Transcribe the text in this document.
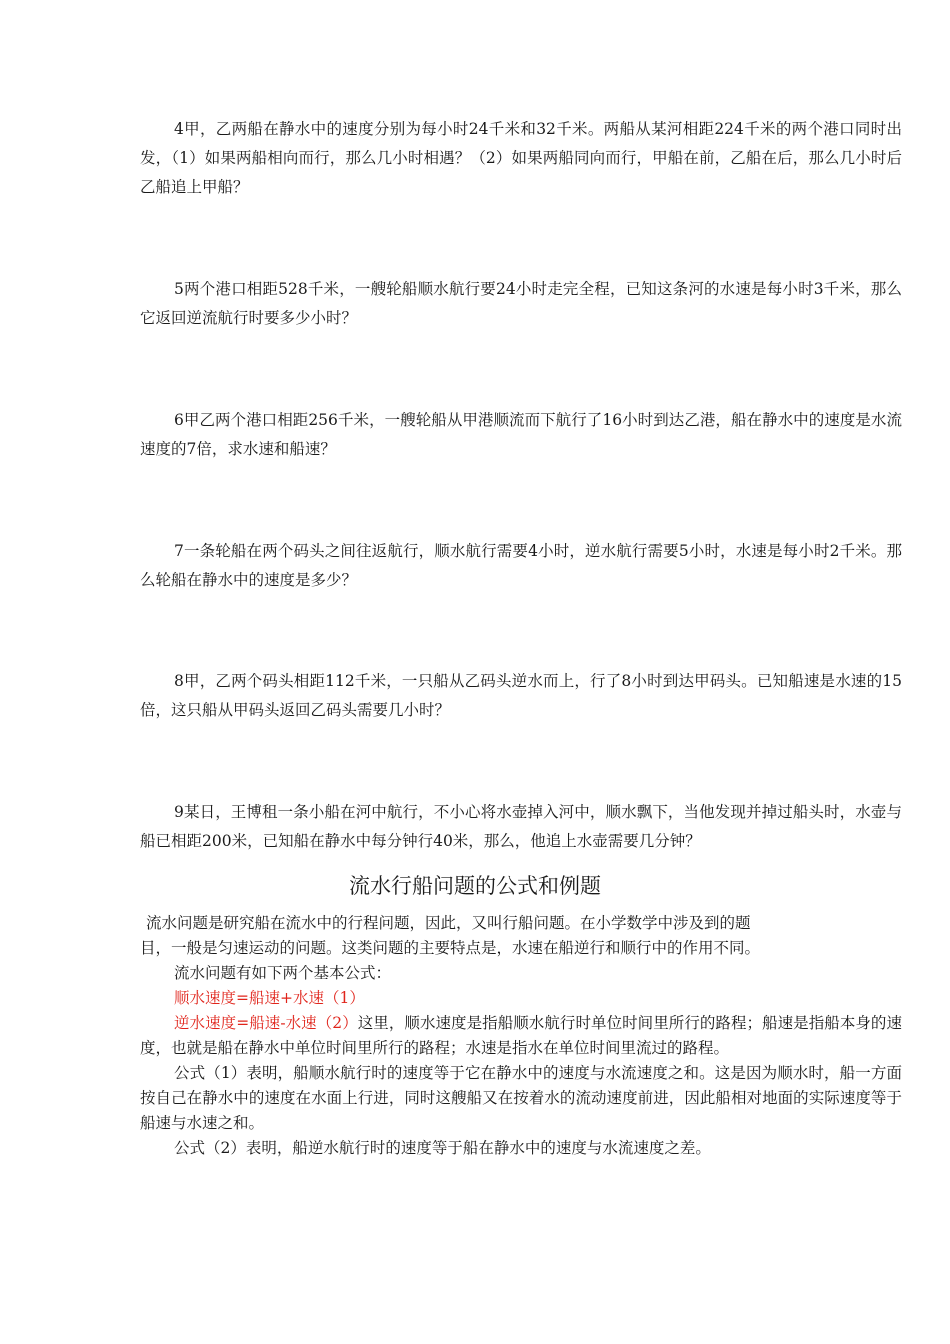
4甲，乙两船在静水中的速度分别为每小时24千米和32千米。两船从某河相距224千米的两个港口同时出发，（1）如果两船相向而行，那么几小时相遇？（2）如果两船同向而行，甲船在前，乙船在后，那么几小时后乙船追上甲船？

5两个港口相距528千米，一艘轮船顺水航行要24小时走完全程，已知这条河的水速是每小时3千米，那么它返回逆流航行时要多少小时？

6甲乙两个港口相距256千米，一艘轮船从甲港顺流而下航行了16小时到达乙港，船在静水中的速度是水流速度的7倍，求水速和船速？

7一条轮船在两个码头之间往返航行，顺水航行需要4小时，逆水航行需要5小时，水速是每小时2千米。那么轮船在静水中的速度是多少？

8甲，乙两个码头相距112千米，一只船从乙码头逆水而上，行了8小时到达甲码头。已知船速是水速的15倍，这只船从甲码头返回乙码头需要几小时？

9某日，王博租一条小船在河中航行，不小心将水壶掉入河中，顺水飘下，当他发现并掉过船头时，水壶与船已相距200米，已知船在静水中每分钟行40米，那么，他追上水壶需要几分钟？

流水行船问题的公式和例题

流水问题是研究船在流水中的行程问题，因此，又叫行船问题。在小学数学中涉及到的题
目，一般是匀速运动的问题。这类问题的主要特点是，水速在船逆行和顺行中的作用不同。

流水问题有如下两个基本公式：

顺水速度=船速+水速（1）

逆水速度=船速-水速（2）这里，顺水速度是指船顺水航行时单位时间里所行的路程；船速是指船本身的速度，也就是船在静水中单位时间里所行的路程；水速是指水在单位时间里流过的路程。

公式（1）表明，船顺水航行时的速度等于它在静水中的速度与水流速度之和。这是因为顺水时，船一方面按自己在静水中的速度在水面上行进，同时这艘船又在按着水的流动速度前进，因此船相对地面的实际速度等于船速与水速之和。

公式（2）表明，船逆水航行时的速度等于船在静水中的速度与水流速度之差。
